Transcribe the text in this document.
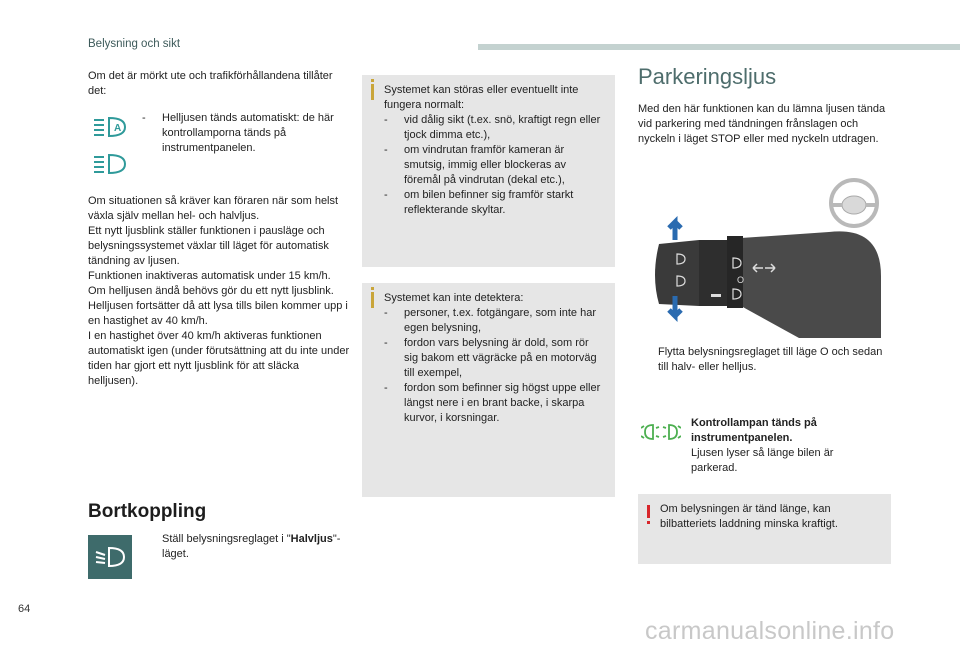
Belysning och sikt
Om det är mörkt ute och trafikförhållandena tillåter det:
A
-	Helljusen tänds automatiskt: de här kontrollamporna tänds på instrumentpanelen.
Om situationen så kräver kan föraren när som helst växla själv mellan hel- och halvljus.
Ett nytt ljusblink ställer funktionen i pausläge och belysningssystemet växlar till läget för automatisk tändning av ljusen.
Funktionen inaktiveras automatisk under 15 km/h.
Om helljusen ändå behövs gör du ett nytt ljusblink. Helljusen fortsätter då att lysa tills bilen kommer upp i en hastighet av 40 km/h.
I en hastighet över 40 km/h aktiveras funktionen automatiskt igen (under förutsättning att du inte under tiden har gjort ett nytt ljusblink för att släcka helljusen).
Bortkoppling
Ställ belysningsreglaget i "Halvljus"-läget.
Systemet kan störas eller eventuellt inte fungera normalt:
-	vid dålig sikt (t.ex. snö, kraftigt regn eller tjock dimma etc.),
-	om vindrutan framför kameran är smutsig, immig eller blockeras av föremål på vindrutan (dekal etc.),
-	om bilen befinner sig framför starkt reflekterande skyltar.
Systemet kan inte detektera:
-	personer, t.ex. fotgängare, som inte har egen belysning,
-	fordon vars belysning är dold, som rör sig bakom ett vägräcke på en motorväg till exempel,
-	fordon som befinner sig högst uppe eller längst nere i en brant backe, i skarpa kurvor, i korsningar.
Parkeringsljus
Med den här funktionen kan du lämna ljusen tända vid parkering med tändningen frånslagen och nyckeln i läget STOP eller med nyckeln utdragen.
O
Flytta belysningsreglaget till läge O och sedan till halv- eller helljus.
Kontrollampan tänds på instrumentpanelen.
Ljusen lyser så länge bilen är parkerad.
Om belysningen är tänd länge, kan bilbatteriets laddning minska kraftigt.
64
carmanualsonline.info
